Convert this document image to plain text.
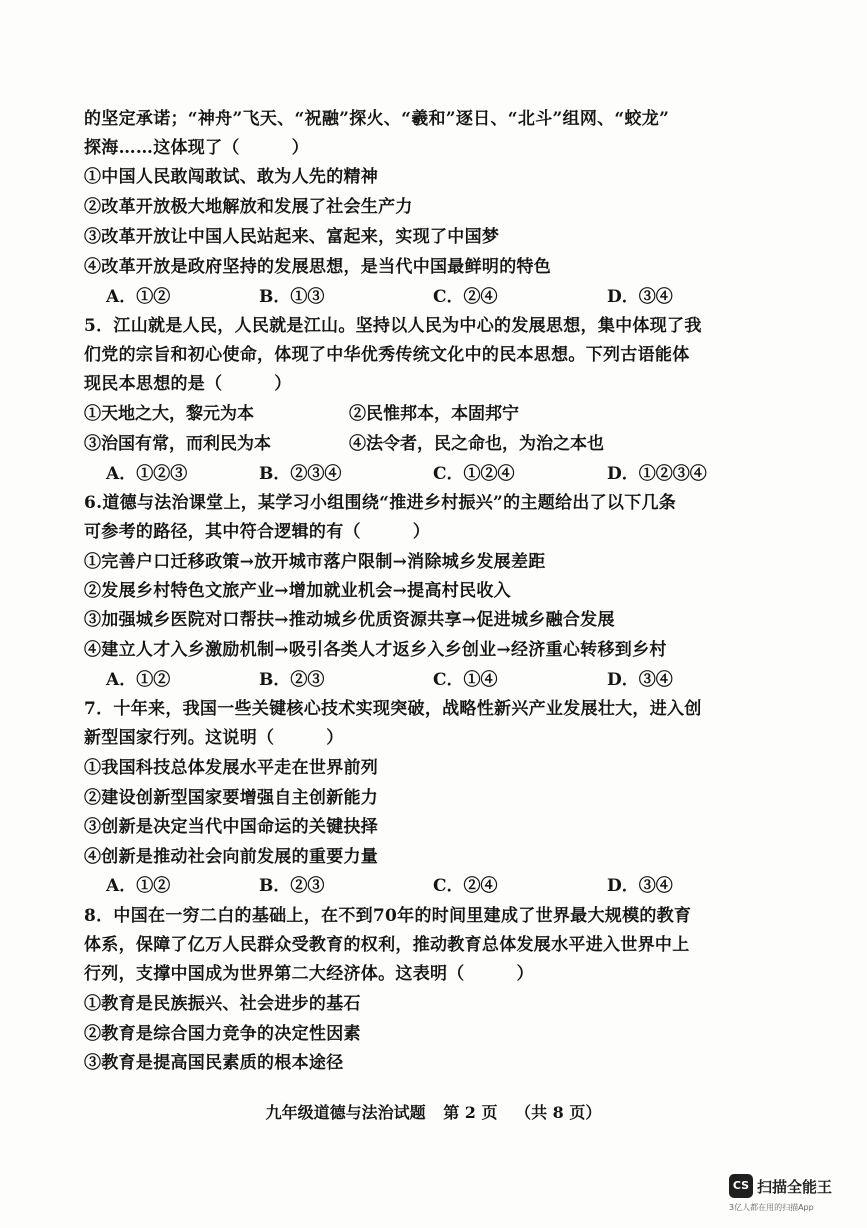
的坚定承诺；“神舟”飞天、“祝融”探火、“羲和”逐日、“北斗”组网、“蛟龙”
探海……这体现了（　　　）
①中国人民敢闯敢试、敢为人先的精神
②改革开放极大地解放和发展了社会生产力
③改革开放让中国人民站起来、富起来，实现了中国梦
④改革开放是政府坚持的发展思想，是当代中国最鲜明的特色
A．①②	B．①③	C．②④	D．③④
5．江山就是人民，人民就是江山。坚持以人民为中心的发展思想，集中体现了我
们党的宗旨和初心使命，体现了中华优秀传统文化中的民本思想。下列古语能体
现民本思想的是（　　　）
①天地之大，黎元为本	②民惟邦本，本固邦宁
③治国有常，而利民为本	④法令者，民之命也，为治之本也
A．①②③	B．②③④	C．①②④	D．①②③④
6.道德与法治课堂上，某学习小组围绕“推进乡村振兴”的主题给出了以下几条
可参考的路径，其中符合逻辑的有（　　　）
①完善户口迁移政策→放开城市落户限制→消除城乡发展差距
②发展乡村特色文旅产业→增加就业机会→提高村民收入
③加强城乡医院对口帮扶→推动城乡优质资源共享→促进城乡融合发展
④建立人才入乡激励机制→吸引各类人才返乡入乡创业→经济重心转移到乡村
A．①②	B．②③	C．①④	D．③④
7．十年来，我国一些关键核心技术实现突破，战略性新兴产业发展壮大，进入创
新型国家行列。这说明（　　　）
①我国科技总体发展水平走在世界前列
②建设创新型国家要增强自主创新能力
③创新是决定当代中国命运的关键抉择
④创新是推动社会向前发展的重要力量
A．①②	B．②③	C．②④	D．③④
8．中国在一穷二白的基础上，在不到70年的时间里建成了世界最大规模的教育
体系，保障了亿万人民群众受教育的权利，推动教育总体发展水平进入世界中上
行列，支撑中国成为世界第二大经济体。这表明（　　　）
①教育是民族振兴、社会进步的基石
②教育是综合国力竞争的决定性因素
③教育是提高国民素质的根本途径
九年级道德与法治试题 第 2 页 （共 8 页）
CS 扫描全能王
3亿人都在用的扫描App
